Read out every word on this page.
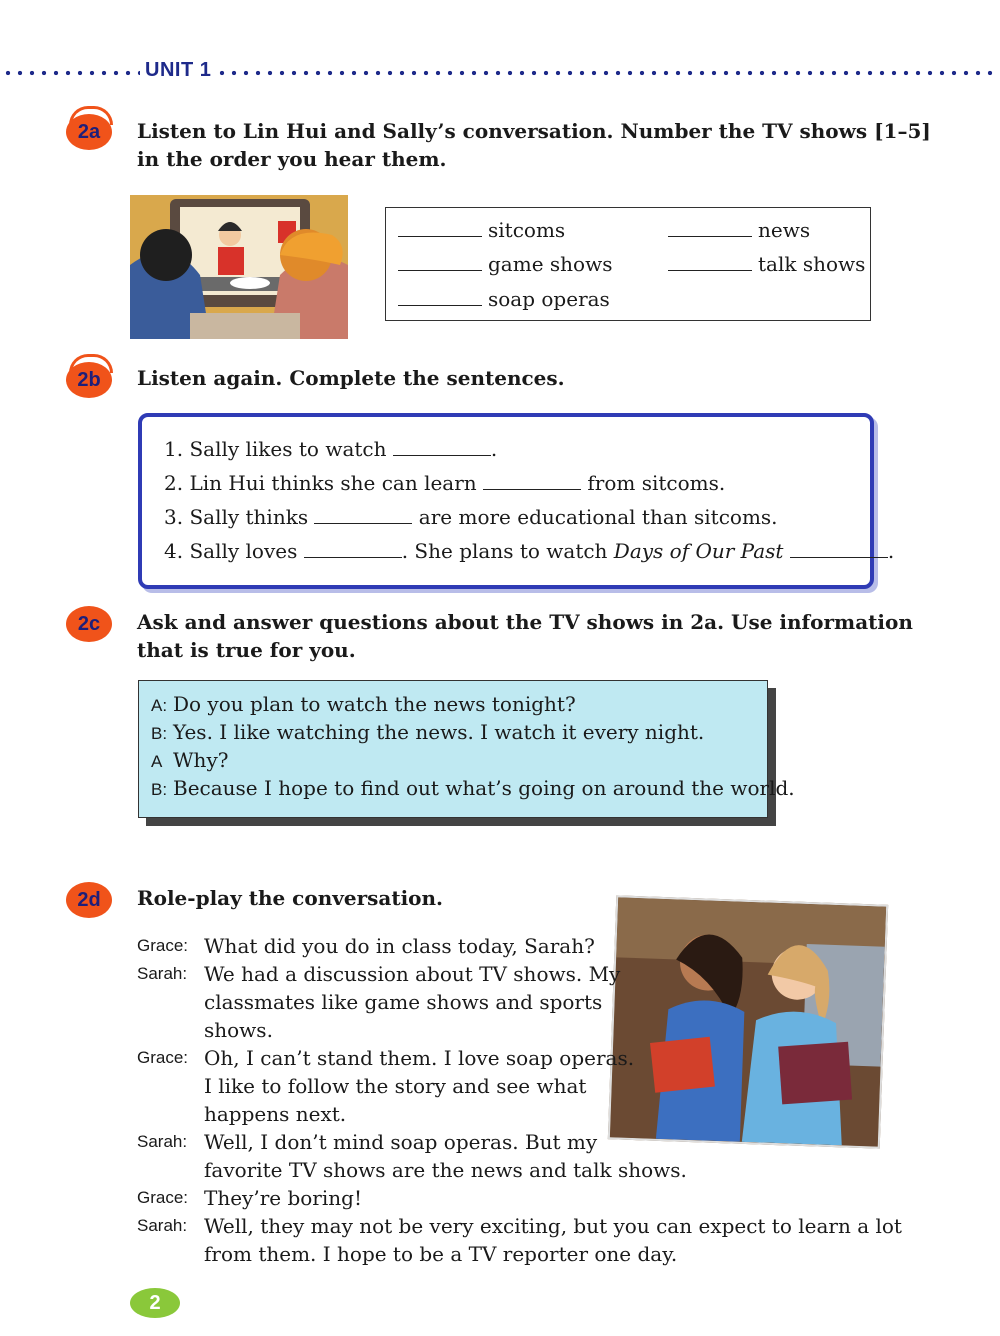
UNIT 1
2a	Listen to Lin Hui and Sally’s conversation. Number the TV shows [1–5]
in the order you hear them.
sitcoms	news
game shows	talk shows
soap operas
2b	Listen again. Complete the sentences.
1. Sally likes to watch	.
2. Lin Hui thinks she can learn	from sitcoms.
3. Sally thinks	are more educational than sitcoms.
4. Sally loves	. She plans to watch Days of Our Past	.
2c	Ask and answer questions about the TV shows in 2a. Use information
that is true for you.
A: Do you plan to watch the news tonight?
B: Yes. I like watching the news. I watch it every night.
A Why?
B: Because I hope to find out what’s going on around the world.
2d	Role-play the conversation.
Grace: What did you do in class today, Sarah?
Sarah: We had a discussion about TV shows. My
classmates like game shows and sports
shows.
Grace: Oh, I can’t stand them. I love soap operas.
I like to follow the story and see what
happens next.
Sarah: Well, I don’t mind soap operas. But my
favorite TV shows are the news and talk shows.
Grace: They’re boring!
Sarah: Well, they may not be very exciting, but you can expect to learn a lot
from them. I hope to be a TV reporter one day.
2
